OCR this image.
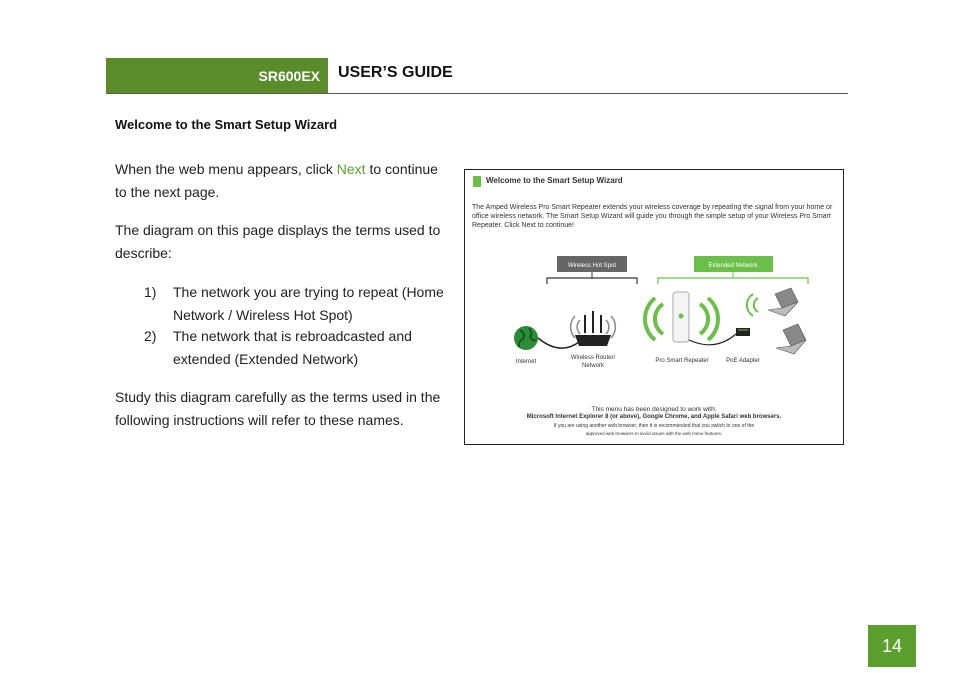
SR600EX USER’S GUIDE
Welcome to the Smart Setup Wizard
When the web menu appears, click Next to continue to the next page.
The diagram on this page displays the terms used to describe:
1) The network you are trying to repeat (Home Network / Wireless Hot Spot)
2) The network that is rebroadcasted and extended (Extended Network)
Study this diagram carefully as the terms used in the following instructions will refer to these names.
Welcome to the Smart Setup Wizard
The Amped Wireless Pro Smart Repeater extends your wireless coverage by repeating the signal from your home or office wireless network. The Smart Setup Wizard will guide you through the simple setup of your Wireless Pro Smart Repeater. Click Next to continue!
Wireless Hot Spot	Extended Network
Internet
Wireless Router/
Network
Pro Smart Repeater	PoE Adapter
This menu has been designed to work with:
Microsoft Internet Explorer 8 (or above), Google Chrome, and Apple Safari web browsers.
If you are using another web browser, then it is recommended that you switch to one of the
approved web browsers to avoid issues with the web menu features.
14
